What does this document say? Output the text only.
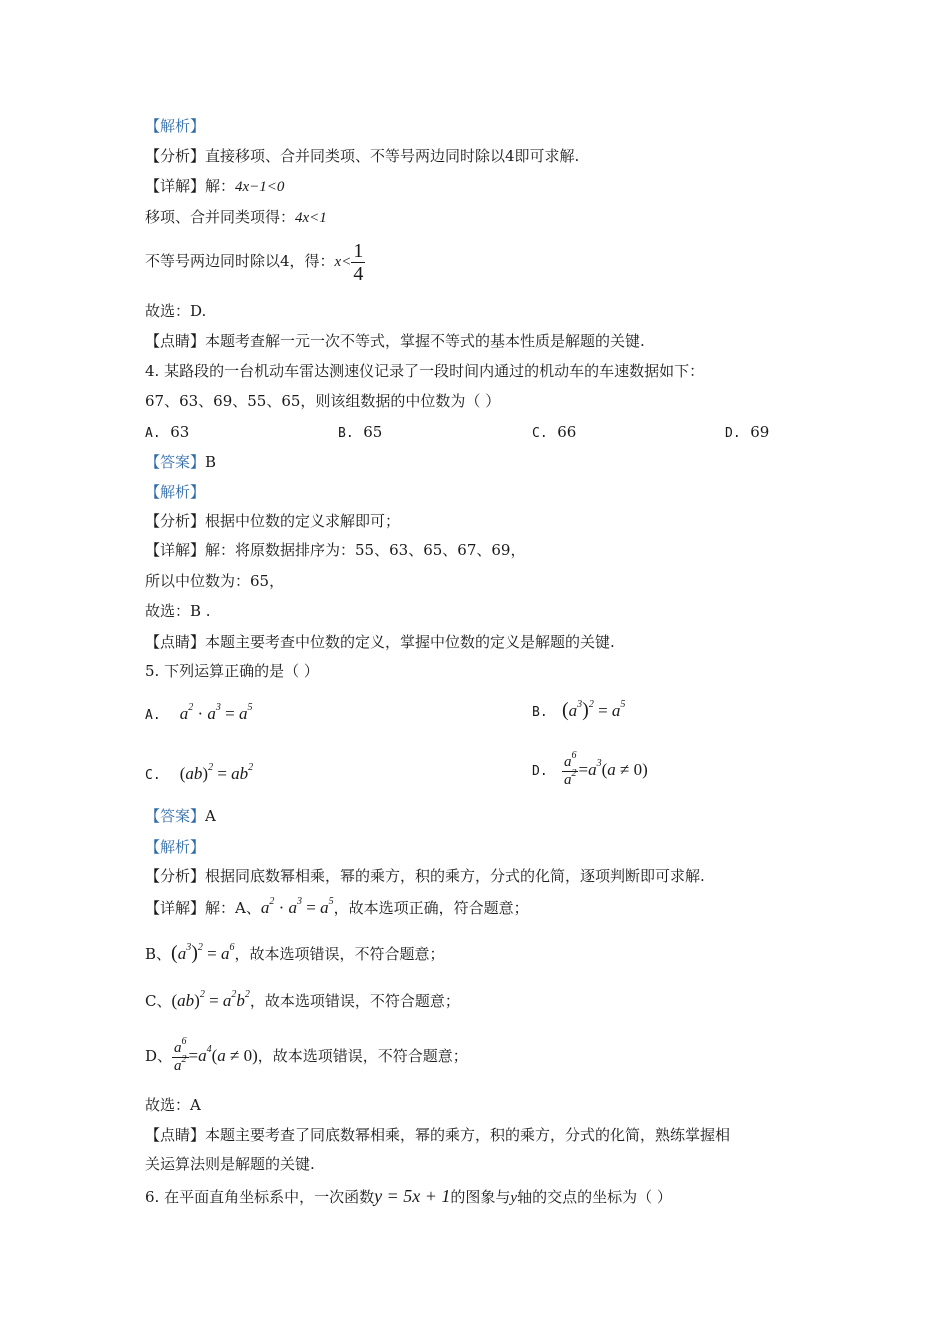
【解析】
【分析】直接移项、合并同类项、不等号两边同时除以4即可求解.
【详解】解：4x−1<0
移项、合并同类项得：4x<1
不等号两边同时除以4，得：$x< \frac{1}{4}$
故选：D.
【点睛】本题考查解一元一次不等式，掌握不等式的基本性质是解题的关键.
4. 某路段的一台机动车雷达测速仪记录了一段时间内通过的机动车的车速数据如下：
67、63、69、55、65，则该组数据的中位数为（ ）
A. 63	B. 65	C. 66	D. 69
【答案】B
【解析】
【分析】根据中位数的定义求解即可；
【详解】解：将原数据排序为：55、63、65、67、69，
所以中位数为：65，
故选：B .
【点睛】本题主要考查中位数的定义，掌握中位数的定义是解题的关键.
5. 下列运算正确的是（ ）
A. $a^2 \cdot a^3 = a^5$	B. $(a^3)^2 = a^5$
C. $(ab)^2 = ab^2$	D. $\frac{a^6}{a^2} =a^3(a \ne 0)$
【答案】A
【解析】
【分析】根据同底数幂相乘，幂的乘方，积的乘方，分式的化简，逐项判断即可求解.
【详解】解：A、$a^2 \cdot a^3 = a^5$，故本选项正确，符合题意；
B、$(a^3)^2 = a^6$，故本选项错误，不符合题意；
C、$(ab)^2 = a^2b^2$，故本选项错误，不符合题意；
D、 $\frac{a^6}{a^2} =a^4(a \ne 0)$，故本选项错误，不符合题意；
故选：A
【点睛】本题主要考查了同底数幂相乘，幂的乘方，积的乘方，分式的化简，熟练掌握相
关运算法则是解题的关键.
6. 在平面直角坐标系中，一次函数y = 5x + 1的图象与y轴的交点的坐标为（ ）
